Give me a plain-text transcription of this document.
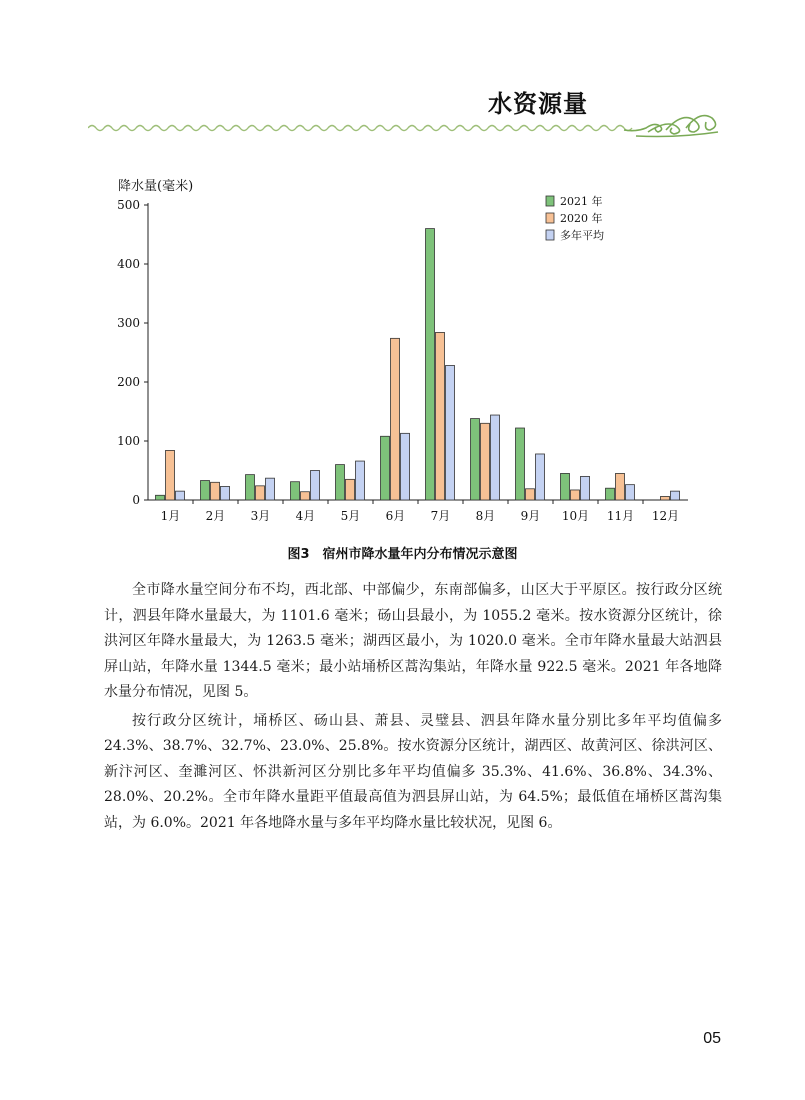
水资源量
降水量(毫米)
0
100
200
300
400
500
1月 2月 3月 4月 5月 6月 7月 8月 9月 10月 11月 12月
2021 年
2020 年
多年平均
图3　宿州市降水量年内分布情况示意图

全市降水量空间分布不均，西北部、中部偏少，东南部偏多，山区大于平原区。按行政分区统计，泗县年降水量最大，为 1101.6 毫米；砀山县最小，为 1055.2 毫米。按水资源分区统计，徐洪河区年降水量最大，为 1263.5 毫米；湖西区最小，为 1020.0 毫米。全市年降水量最大站泗县屏山站，年降水量 1344.5 毫米；最小站埇桥区蒿沟集站，年降水量 922.5 毫米。2021 年各地降水量分布情况，见图 5。

按行政分区统计，埇桥区、砀山县、萧县、灵璧县、泗县年降水量分别比多年平均值偏多 24.3%、38.7%、32.7%、23.0%、25.8%。按水资源分区统计，湖西区、故黄河区、徐洪河区、新汴河区、奎濉河区、怀洪新河区分别比多年平均值偏多 35.3%、41.6%、36.8%、34.3%、28.0%、20.2%。全市年降水量距平值最高值为泗县屏山站，为 64.5%；最低值在埇桥区蒿沟集站，为 6.0%。2021 年各地降水量与多年平均降水量比较状况，见图 6。

05
